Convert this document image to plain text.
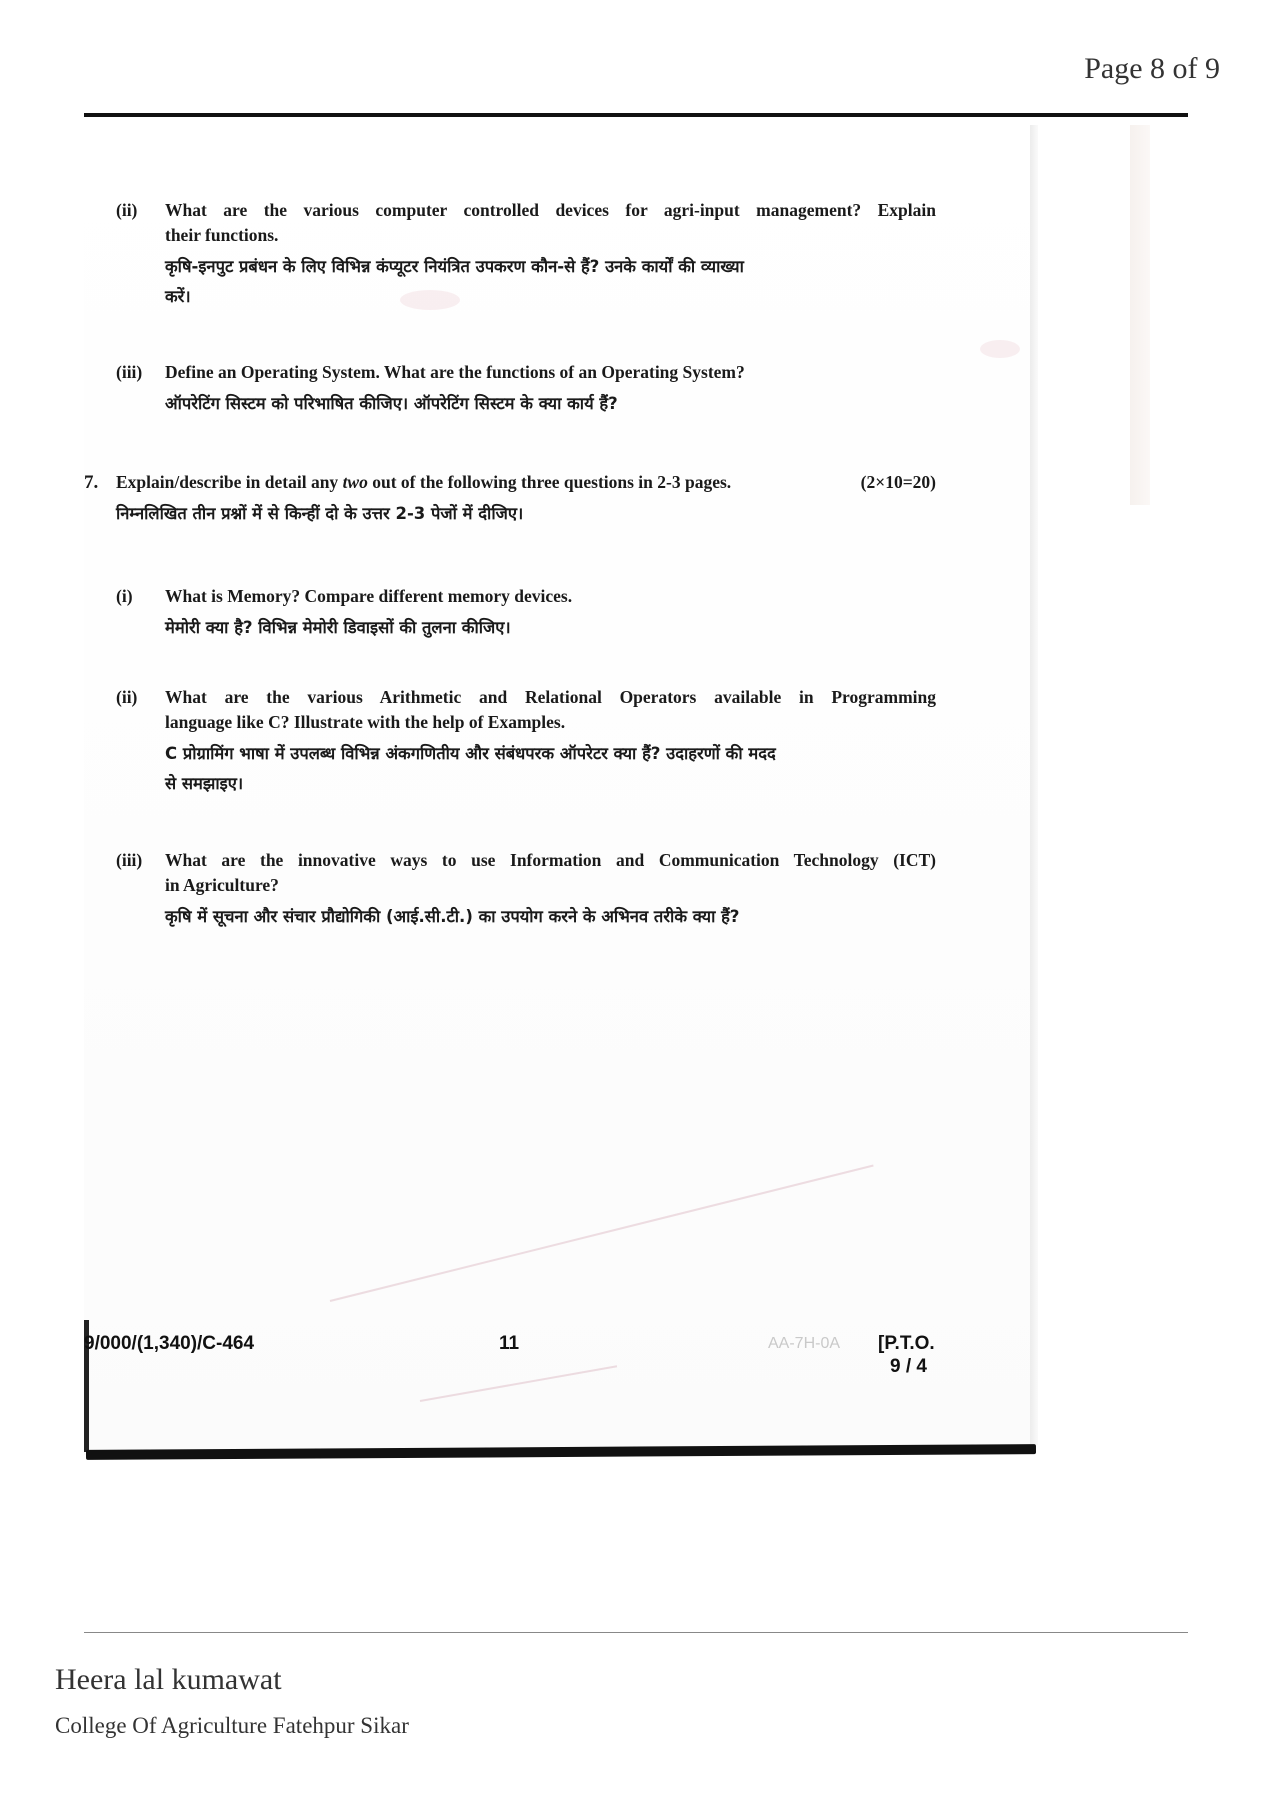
Page 8 of 9
(ii) What are the various computer controlled devices for agri-input management? Explain
their functions.
कृषि-इनपुट प्रबंधन के लिए विभिन्न कंप्यूटर नियंत्रित उपकरण कौन-से हैं? उनके कार्यों की व्याख्या
करें।
(iii) Define an Operating System. What are the functions of an Operating System?
ऑपरेटिंग सिस्टम को परिभाषित कीजिए। ऑपरेटिंग सिस्टम के क्या कार्य हैं?
7. Explain/describe in detail any two out of the following three questions in 2-3 pages.	(2×10=20)
निम्नलिखित तीन प्रश्नों में से किन्हीं दो के उत्तर 2-3 पेजों में दीजिए।
(i) What is Memory? Compare different memory devices.
मेमोरी क्या है? विभिन्न मेमोरी डिवाइसों की तुलना कीजिए।
(ii) What are the various Arithmetic and Relational Operators available in Programming
language like C? Illustrate with the help of Examples.
C प्रोग्रामिंग भाषा में उपलब्ध विभिन्न अंकगणितीय और संबंधपरक ऑपरेटर क्या हैं? उदाहरणों की मदद
से समझाइए।
(iii) What are the innovative ways to use Information and Communication Technology (ICT)
in Agriculture?
कृषि में सूचना और संचार प्रौद्योगिकी (आई.सी.टी.) का उपयोग करने के अभिनव तरीके क्या हैं?
9/000/(1,340)/C-464	11	AA-7H-0A [P.T.O.
9 / 4
Heera lal kumawat
College Of Agriculture Fatehpur Sikar
